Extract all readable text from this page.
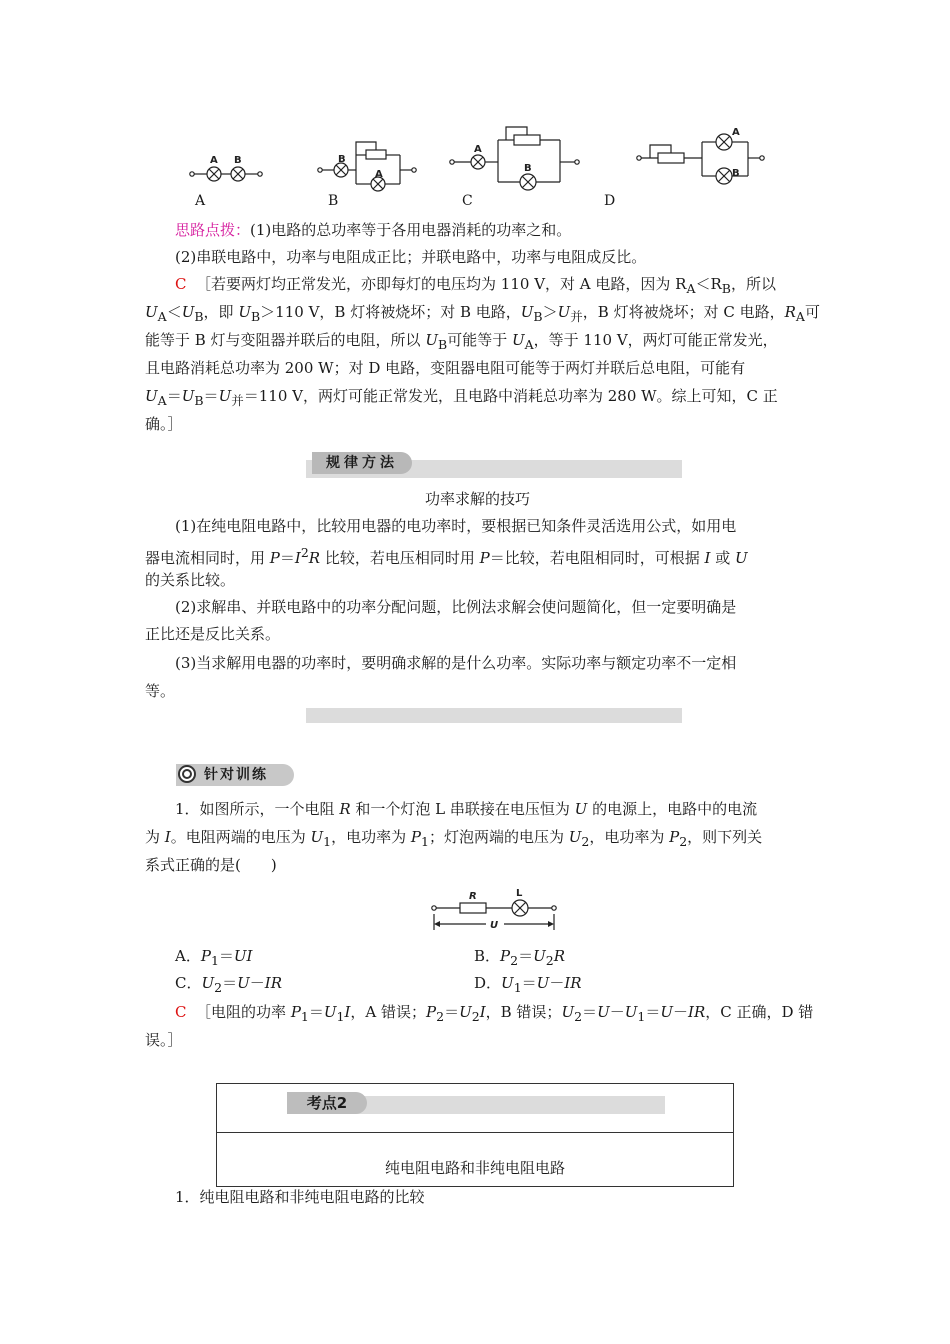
A B	B
A
A
B
A
B
A	B	C	D
思路点拨：(1)电路的总功率等于各用电器消耗的功率之和。
(2)串联电路中，功率与电阻成正比；并联电路中，功率与电阻成反比。
C ［若要两灯均正常发光，亦即每灯的电压均为 110 V，对 A 电路，因为 $R_A<R_B$，所以
$U_A<U_B$，即 $U_B>110$ V，B 灯将被烧坏；对 B 电路，$U_B>U_并$，B 灯将被烧坏；对 C 电路，$R_A$可
能等于 B 灯与变阻器并联后的电阻，所以 $U_B$可能等于 $U_A$，等于 110 V，两灯可能正常发光，
且电路消耗总功率为 200 W；对 D 电路，变阻器电阻可能等于两灯并联后总电阻，可能有
$U_A=U_B=U_并=110$ V，两灯可能正常发光，且电路中消耗总功率为 280 W。综上可知，C 正
确。］
规律方法
功率求解的技巧
(1)在纯电阻电路中，比较用电器的电功率时，要根据已知条件灵活选用公式，如用电
器电流相同时，用 $P=I^2R$ 比较，若电压相同时用 P＝比较，若电阻相同时，可根据 I 或 U
的关系比较。
(2)求解串、并联电路中的功率分配问题，比例法求解会使问题简化，但一定要明确是
正比还是反比关系。
(3)当求解用电器的功率时，要明确求解的是什么功率。实际功率与额定功率不一定相
等。
针对训练
1．如图所示，一个电阻 R 和一个灯泡 L 串联接在电压恒为 U 的电源上，电路中的电流
为 I。电阻两端的电压为 $U_1$，电功率为 $P_1$；灯泡两端的电压为 $U_2$，电功率为 $P_2$，则下列关
系式正确的是(　　)
R	L
U
A．$P_1=UI$	B．$P_2=U_2R$
C．$U_2=U-IR$	D．$U_1=U-IR$
C ［电阻的功率 $P_1=U_1I$，A 错误；$P_2=U_2I$，B 错误；$U_2=U-U_1=U-IR$，C 正确，D 错
误。］
考点2
纯电阻电路和非纯电阻电路
1．纯电阻电路和非纯电阻电路的比较
